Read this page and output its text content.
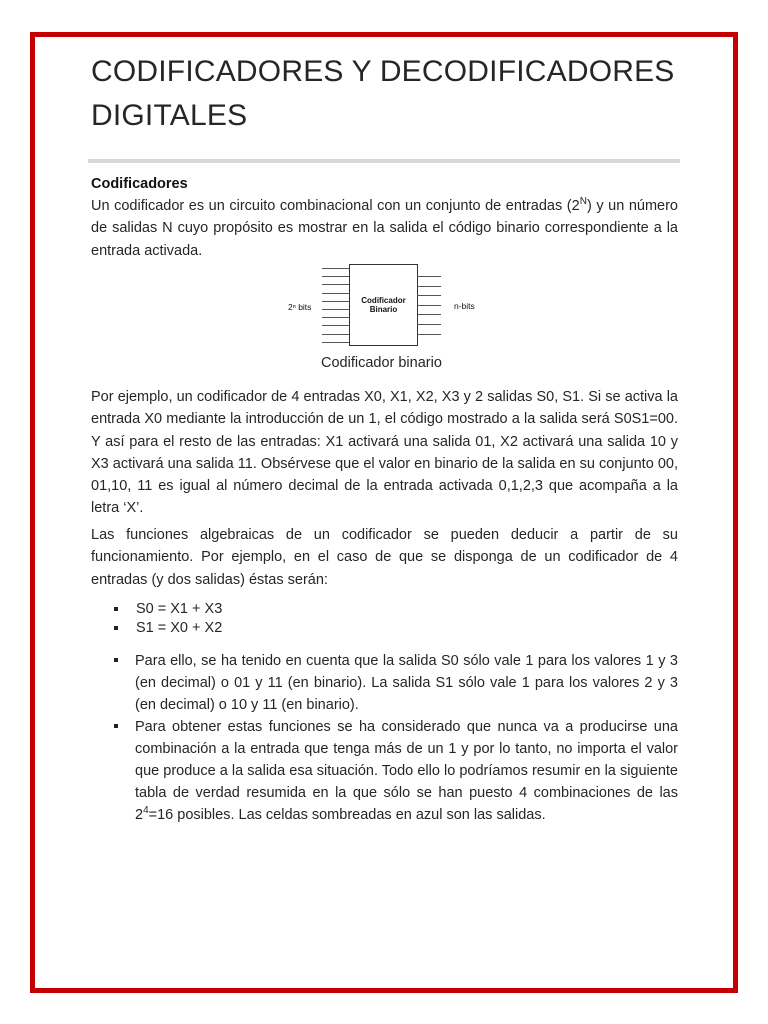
CODIFICADORES Y DECODIFICADORES
DIGITALES
Codificadores

Un codificador es un circuito combinacional con un conjunto de entradas $(2^N)$ y un número de salidas N cuyo propósito es mostrar en la salida el código binario correspondiente a la entrada activada.

2ⁿ bits
Codificador
Binario	n-bits
Codificador binario

Por ejemplo, un codificador de 4 entradas X0, X1, X2, X3 y 2 salidas S0, S1. Si se activa la entrada X0 mediante la introducción de un 1, el código mostrado a la salida será S0S1=00. Y así para el resto de las entradas: X1 activará una salida 01, X2 activará una salida 10 y X3 activará una salida 11. Obsérvese que el valor en binario de la salida en su conjunto 00, 01,10, 11 es igual al número decimal de la entrada activada 0,1,2,3 que acompaña a la letra ‘X’.

Las funciones algebraicas de un codificador se pueden deducir a partir de su funcionamiento. Por ejemplo, en el caso de que se disponga de un codificador de 4 entradas (y dos salidas) éstas serán:

S0 = X1 + X3
S1 = X0 + X2
Para ello, se ha tenido en cuenta que la salida S0 sólo vale 1 para los valores 1 y 3 (en decimal) o 01 y 11 (en binario). La salida S1 sólo vale 1 para los valores 2 y 3 (en decimal) o 10 y 11 (en binario).
Para obtener estas funciones se ha considerado que nunca va a producirse una combinación a la entrada que tenga más de un 1 y por lo tanto, no importa el valor que produce a la salida esa situación. Todo ello lo podríamos resumir en la siguiente tabla de verdad resumida en la que sólo se han puesto 4 combinaciones de las $2^4=16$ posibles. Las celdas sombreadas en azul son las salidas.
